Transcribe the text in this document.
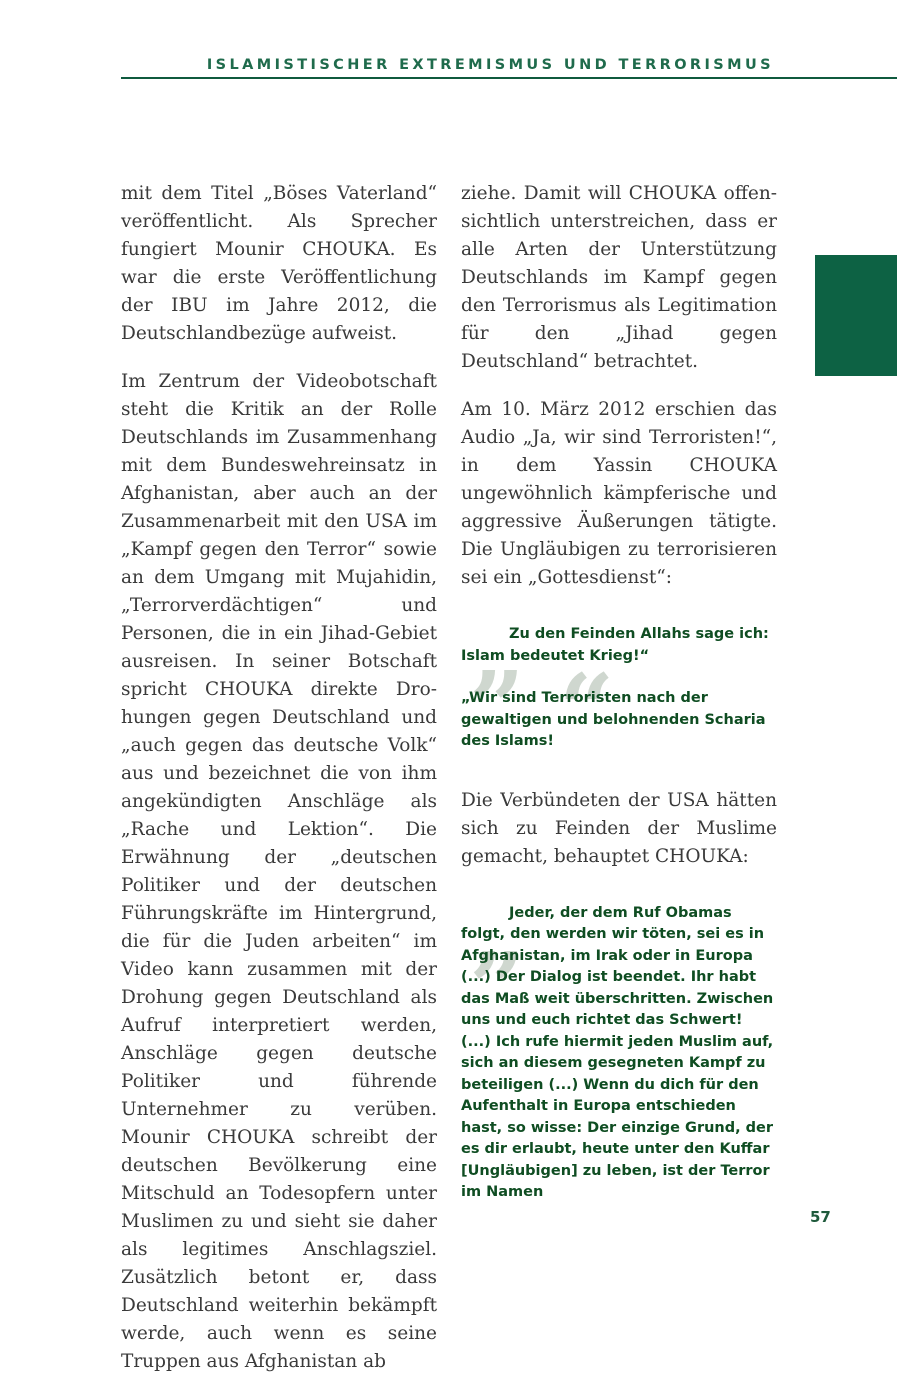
ISLAMISTISCHER EXTREMISMUS UND TERRORISMUS

mit dem Titel „Böses Vaterland“ veröffentlicht. Als Sprecher fungiert Mounir CHOUKA. Es war die erste Veröffentlichung der IBU im Jahre 2012, die Deutschlandbezüge aufweist.

Im Zentrum der Videobotschaft steht die Kritik an der Rolle Deutschlands im Zusammenhang mit dem Bundeswehreinsatz in Afghanistan, aber auch an der Zusammenarbeit mit den USA im „Kampf gegen den Terror“ sowie an dem Umgang mit Mujahidin, „Terrorverdächtigen“ und Personen, die in ein Jihad-Gebiet ausreisen. In seiner Botschaft spricht CHOUKA direkte Drohungen gegen Deutschland und „auch gegen das deutsche Volk“ aus und bezeichnet die von ihm angekündigten Anschläge als „Rache und Lektion“. Die Erwähnung der „deutschen Politiker und der deutschen Führungskräfte im Hintergrund, die für die Juden arbeiten“ im Video kann zusammen mit der Drohung gegen Deutschland als Aufruf interpretiert werden, Anschläge gegen deutsche Politiker und führende Unternehmer zu verüben. Mounir CHOUKA schreibt der deutschen Bevölkerung eine Mitschuld an Todesopfern unter Muslimen zu und sieht sie daher als legitimes Anschlagsziel. Zusätzlich betont er, dass Deutschland weiterhin bekämpft werde, auch wenn es seine Truppen aus Afghanistan ab

ziehe. Damit will CHOUKA offensichtlich unterstreichen, dass er alle Arten der Unterstützung Deutschlands im Kampf gegen den Terrorismus als Legitimation für den „Jihad gegen Deutschland“ betrachtet.

Am 10. März 2012 erschien das Audio „Ja, wir sind Terroristen!“, in dem Yassin CHOUKA ungewöhnlich kämpferische und aggressive Äußerungen tätigte. Die Ungläubigen zu terrorisieren sei ein „Gottesdienst“:

„
“

Zu den Feinden Allahs sage ich: Islam bedeutet Krieg!“

„Wir sind Terroristen nach der gewaltigen und belohnenden Scharia des Islams!

Die Verbündeten der USA hätten sich zu Feinden der Muslime gemacht, behauptet CHOUKA:

„

Jeder, der dem Ruf Obamas folgt, den werden wir töten, sei es in Afghanistan, im Irak oder in Europa (...) Der Dialog ist beendet. Ihr habt das Maß weit überschritten. Zwischen uns und euch richtet das Schwert! (...) Ich rufe hiermit jeden Muslim auf, sich an diesem gesegneten Kampf zu beteiligen (...) Wenn du dich für den Aufenthalt in Europa entschieden hast, so wisse: Der einzige Grund, der es dir erlaubt, heute unter den Kuffar [Ungläubigen] zu leben, ist der Terror im Namen

57
